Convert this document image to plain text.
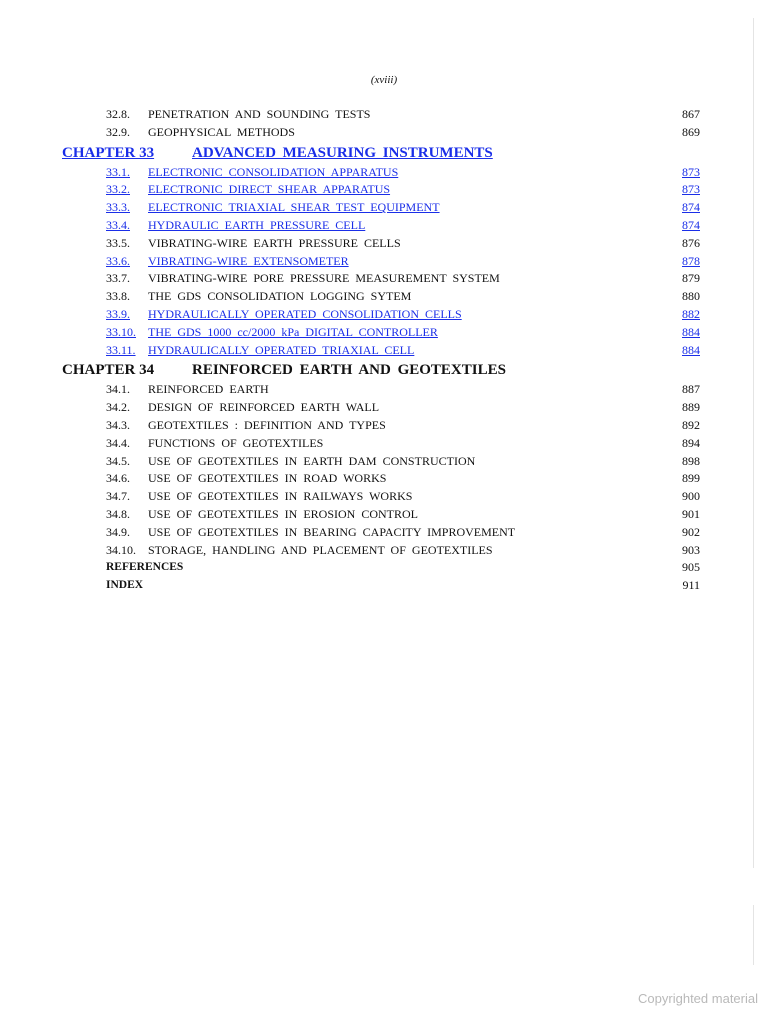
(xviii)
32.8. PENETRATION AND SOUNDING TESTS	867
32.9. GEOPHYSICAL METHODS	869
CHAPTER 33	ADVANCED MEASURING INSTRUMENTS
33.1. ELECTRONIC CONSOLIDATION APPARATUS	873
33.2. ELECTRONIC DIRECT SHEAR APPARATUS	873
33.3. ELECTRONIC TRIAXIAL SHEAR TEST EQUIPMENT	874
33.4. HYDRAULIC EARTH PRESSURE CELL	874
33.5. VIBRATING-WIRE EARTH PRESSURE CELLS	876
33.6. VIBRATING-WIRE EXTENSOMETER	878
33.7. VIBRATING-WIRE PORE PRESSURE MEASUREMENT SYSTEM	879
33.8. THE GDS CONSOLIDATION LOGGING SYTEM	880
33.9. HYDRAULICALLY OPERATED CONSOLIDATION CELLS	882
33.10. THE GDS 1000 cc/2000 kPa DIGITAL CONTROLLER	884
33.11. HYDRAULICALLY OPERATED TRIAXIAL CELL	884
CHAPTER 34	REINFORCED EARTH AND GEOTEXTILES
34.1. REINFORCED EARTH	887
34.2. DESIGN OF REINFORCED EARTH WALL	889
34.3. GEOTEXTILES : DEFINITION AND TYPES	892
34.4. FUNCTIONS OF GEOTEXTILES	894
34.5. USE OF GEOTEXTILES IN EARTH DAM CONSTRUCTION	898
34.6. USE OF GEOTEXTILES IN ROAD WORKS	899
34.7. USE OF GEOTEXTILES IN RAILWAYS WORKS	900
34.8. USE OF GEOTEXTILES IN EROSION CONTROL	901
34.9. USE OF GEOTEXTILES IN BEARING CAPACITY IMPROVEMENT	902
34.10. STORAGE, HANDLING AND PLACEMENT OF GEOTEXTILES	903
REFERENCES	905
INDEX	911
Copyrighted material
